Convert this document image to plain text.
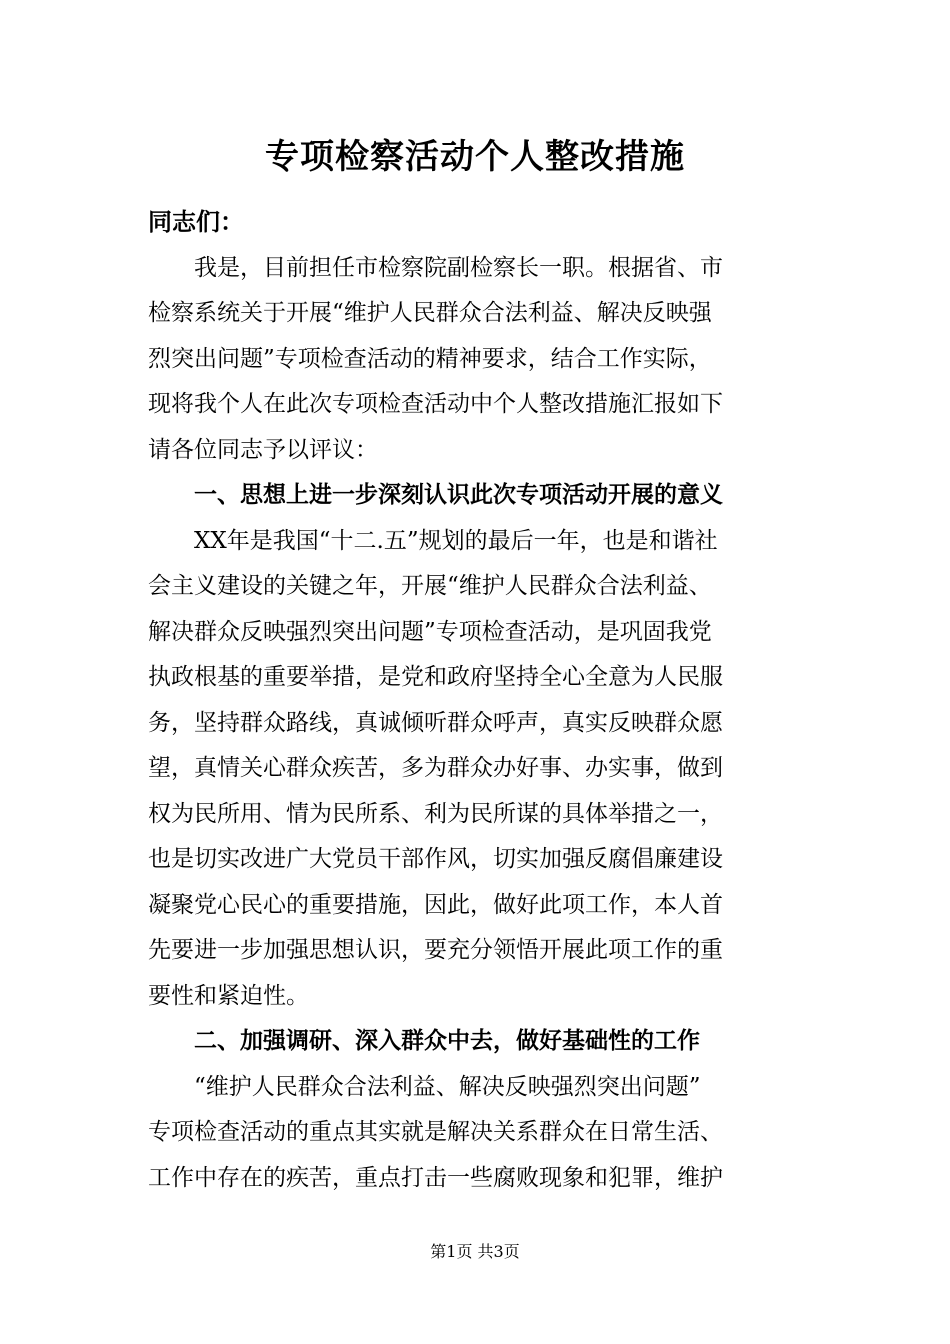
专项检察活动个人整改措施
同志们：
我是，目前担任市检察院副检察长一职。根据省、市
检察系统关于开展“维护人民群众合法利益、解决反映强
烈突出问题”专项检查活动的精神要求，结合工作实际，
现将我个人在此次专项检查活动中个人整改措施汇报如下
请各位同志予以评议：
一、思想上进一步深刻认识此次专项活动开展的意义
XX年是我国“十二.五”规划的最后一年，也是和谐社
会主义建设的关键之年，开展“维护人民群众合法利益、
解决群众反映强烈突出问题”专项检查活动，是巩固我党
执政根基的重要举措，是党和政府坚持全心全意为人民服
务，坚持群众路线，真诚倾听群众呼声，真实反映群众愿
望，真情关心群众疾苦，多为群众办好事、办实事，做到
权为民所用、情为民所系、利为民所谋的具体举措之一，
也是切实改进广大党员干部作风，切实加强反腐倡廉建设
凝聚党心民心的重要措施，因此，做好此项工作，本人首
先要进一步加强思想认识，要充分领悟开展此项工作的重
要性和紧迫性。
二、加强调研、深入群众中去，做好基础性的工作
“维护人民群众合法利益、解决反映强烈突出问题”
专项检查活动的重点其实就是解决关系群众在日常生活、
工作中存在的疾苦，重点打击一些腐败现象和犯罪，维护
第1页 共3页
